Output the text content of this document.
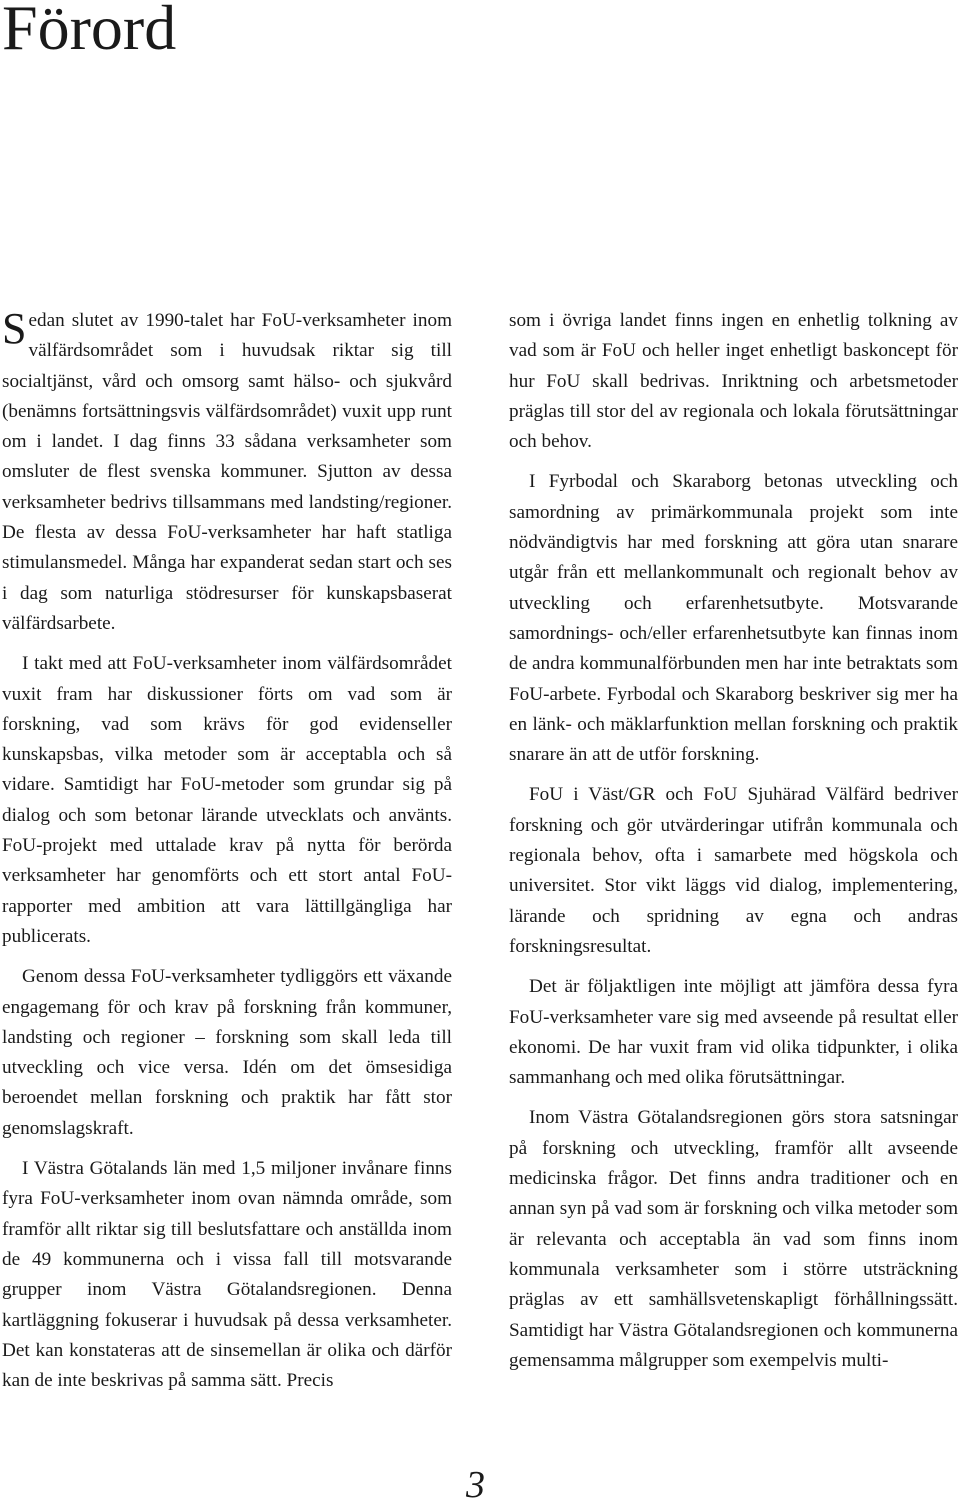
Förord

Sedan slutet av 1990-talet har FoU-verksamheter inom välfärdsområdet som i huvudsak riktar sig till socialtjänst, vård och omsorg samt hälso- och sjukvård (benämns fortsättningsvis välfärdsområdet) vuxit upp runt om i landet. I dag finns 33 sådana verksamheter som omsluter de flest svenska kommuner. Sjutton av dessa verksamheter bedrivs tillsammans med landsting/regioner. De flesta av dessa FoU-verksamheter har haft statliga stimulansmedel. Många har expanderat sedan start och ses i dag som naturliga stödresurser för kunskapsbaserat välfärdsarbete.

I takt med att FoU-verksamheter inom välfärdsområdet vuxit fram har diskussioner förts om vad som är forskning, vad som krävs för god evidenseller kunskapsbas, vilka metoder som är acceptabla och så vidare. Samtidigt har FoU-metoder som grundar sig på dialog och som betonar lärande utvecklats och använts. FoU-projekt med uttalade krav på nytta för berörda verksamheter har genomförts och ett stort antal FoU-rapporter med ambition att vara lättillgängliga har publicerats.

Genom dessa FoU-verksamheter tydliggörs ett växande engagemang för och krav på forskning från kommuner, landsting och regioner – forskning som skall leda till utveckling och vice versa. Idén om det ömsesidiga beroendet mellan forskning och praktik har fått stor genomslagskraft.

I Västra Götalands län med 1,5 miljoner invånare finns fyra FoU-verksamheter inom ovan nämnda område, som framför allt riktar sig till beslutsfattare och anställda inom de 49 kommunerna och i vissa fall till motsvarande grupper inom Västra Götalandsregionen. Denna kartläggning fokuserar i huvudsak på dessa verksamheter. Det kan konstateras att de sinsemellan är olika och därför kan de inte beskrivas på samma sätt. Precis

som i övriga landet finns ingen en enhetlig tolkning av vad som är FoU och heller inget enhetligt baskoncept för hur FoU skall bedrivas. Inriktning och arbetsmetoder präglas till stor del av regionala och lokala förutsättningar och behov.

I Fyrbodal och Skaraborg betonas utveckling och samordning av primärkommunala projekt som inte nödvändigtvis har med forskning att göra utan snarare utgår från ett mellankommunalt och regionalt behov av utveckling och erfarenhetsutbyte. Motsvarande samordnings- och/eller erfarenhetsutbyte kan finnas inom de andra kommunalförbunden men har inte betraktats som FoU-arbete. Fyrbodal och Skaraborg beskriver sig mer ha en länk- och mäklarfunktion mellan forskning och praktik snarare än att de utför forskning.

FoU i Väst/GR och FoU Sjuhärad Välfärd bedriver forskning och gör utvärderingar utifrån kommunala och regionala behov, ofta i samarbete med högskola och universitet. Stor vikt läggs vid dialog, implementering, lärande och spridning av egna och andras forskningsresultat.

Det är följaktligen inte möjligt att jämföra dessa fyra FoU-verksamheter vare sig med avseende på resultat eller ekonomi. De har vuxit fram vid olika tidpunkter, i olika sammanhang och med olika förutsättningar.

Inom Västra Götalandsregionen görs stora satsningar på forskning och utveckling, framför allt avseende medicinska frågor. Det finns andra traditioner och en annan syn på vad som är forskning och vilka metoder som är relevanta och acceptabla än vad som finns inom kommunala verksamheter som i större utsträckning präglas av ett samhällsvetenskapligt förhållningssätt. Samtidigt har Västra Götalandsregionen och kommunerna gemensamma målgrupper som exempelvis multi-

3
